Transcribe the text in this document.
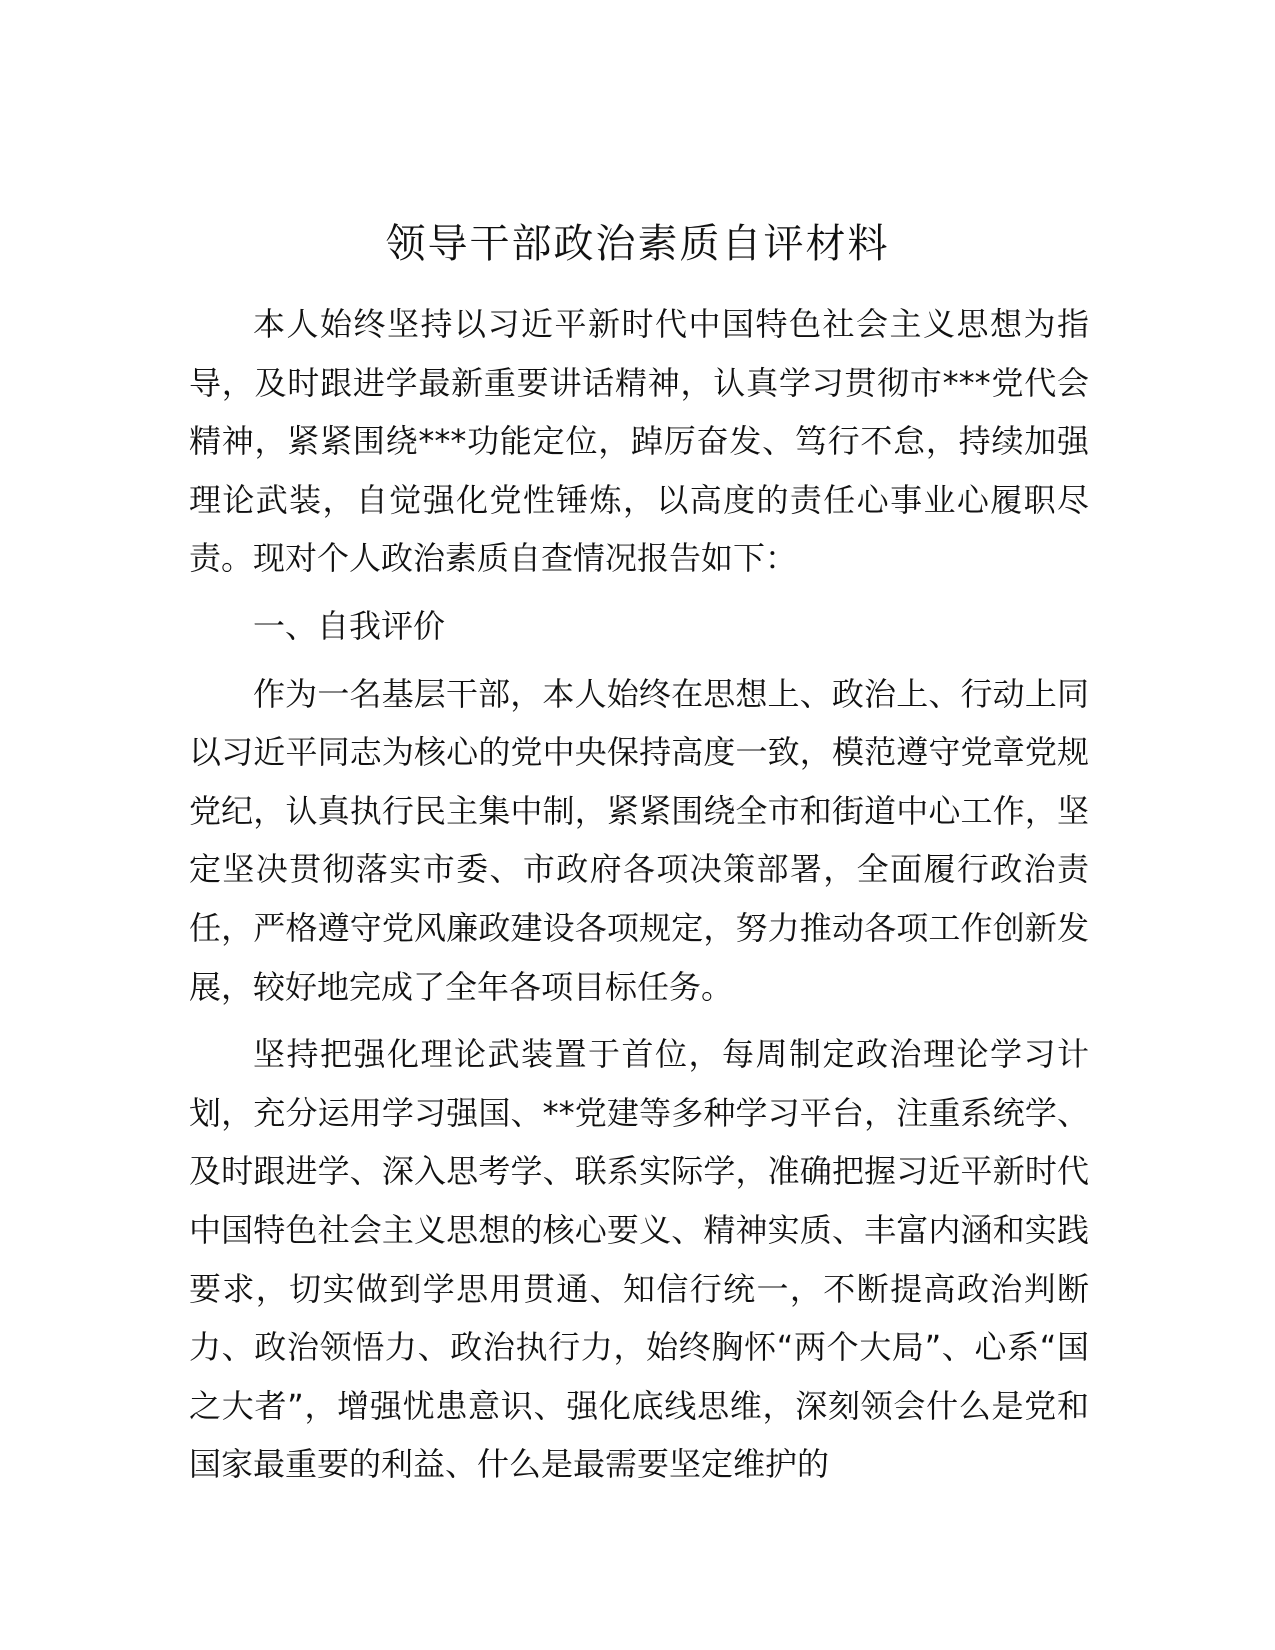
领导干部政治素质自评材料

本人始终坚持以习近平新时代中国特色社会主义思想为指导，及时跟进学最新重要讲话精神，认真学习贯彻市***党代会精神，紧紧围绕***功能定位，踔厉奋发、笃行不怠，持续加强理论武装，自觉强化党性锤炼，以高度的责任心事业心履职尽责。现对个人政治素质自查情况报告如下：

一、自我评价

作为一名基层干部，本人始终在思想上、政治上、行动上同以习近平同志为核心的党中央保持高度一致，模范遵守党章党规党纪，认真执行民主集中制，紧紧围绕全市和街道中心工作，坚定坚决贯彻落实市委、市政府各项决策部署，全面履行政治责任，严格遵守党风廉政建设各项规定，努力推动各项工作创新发展，较好地完成了全年各项目标任务。

坚持把强化理论武装置于首位，每周制定政治理论学习计划，充分运用学习强国、**党建等多种学习平台，注重系统学、及时跟进学、深入思考学、联系实际学，准确把握习近平新时代中国特色社会主义思想的核心要义、精神实质、丰富内涵和实践要求，切实做到学思用贯通、知信行统一，不断提高政治判断力、政治领悟力、政治执行力，始终胸怀“两个大局”、心系“国之大者”，增强忧患意识、强化底线思维，深刻领会什么是党和国家最重要的利益、什么是最需要坚定维护的
